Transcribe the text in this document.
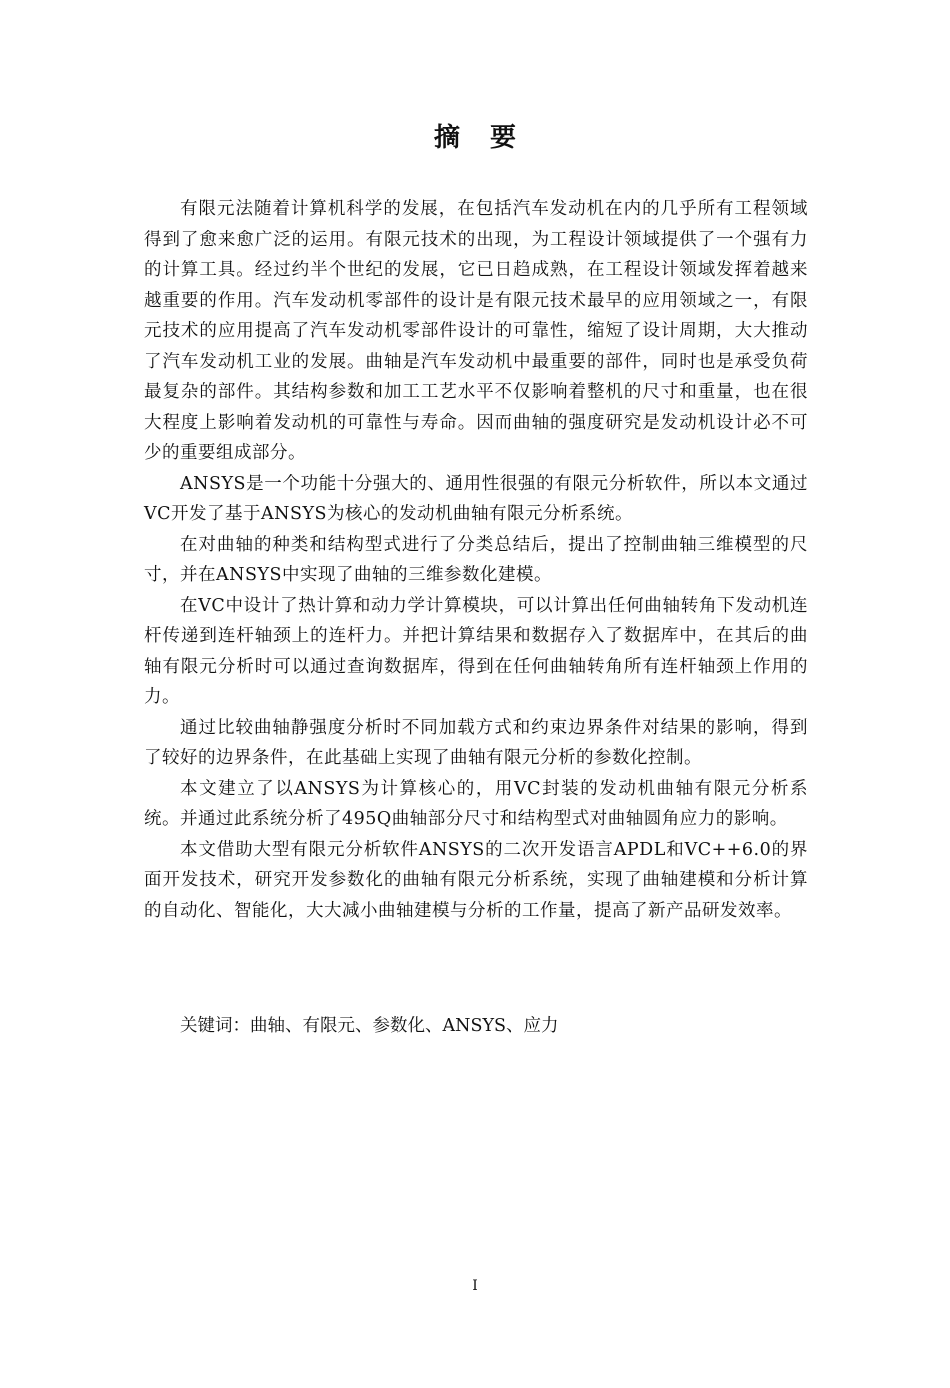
摘要

有限元法随着计算机科学的发展，在包括汽车发动机在内的几乎所有工程领域得到了愈来愈广泛的运用。有限元技术的出现，为工程设计领域提供了一个强有力的计算工具。经过约半个世纪的发展，它已日趋成熟，在工程设计领域发挥着越来越重要的作用。汽车发动机零部件的设计是有限元技术最早的应用领域之一，有限元技术的应用提高了汽车发动机零部件设计的可靠性，缩短了设计周期，大大推动了汽车发动机工业的发展。曲轴是汽车发动机中最重要的部件，同时也是承受负荷最复杂的部件。其结构参数和加工工艺水平不仅影响着整机的尺寸和重量，也在很大程度上影响着发动机的可靠性与寿命。因而曲轴的强度研究是发动机设计必不可少的重要组成部分。

ANSYS是一个功能十分强大的、通用性很强的有限元分析软件，所以本文通过VC开发了基于ANSYS为核心的发动机曲轴有限元分析系统。

在对曲轴的种类和结构型式进行了分类总结后，提出了控制曲轴三维模型的尺寸，并在ANSYS中实现了曲轴的三维参数化建模。

在VC中设计了热计算和动力学计算模块，可以计算出任何曲轴转角下发动机连杆传递到连杆轴颈上的连杆力。并把计算结果和数据存入了数据库中，在其后的曲轴有限元分析时可以通过查询数据库，得到在任何曲轴转角所有连杆轴颈上作用的力。

通过比较曲轴静强度分析时不同加载方式和约束边界条件对结果的影响，得到了较好的边界条件，在此基础上实现了曲轴有限元分析的参数化控制。

本文建立了以ANSYS为计算核心的，用VC封装的发动机曲轴有限元分析系统。并通过此系统分析了495Q曲轴部分尺寸和结构型式对曲轴圆角应力的影响。

本文借助大型有限元分析软件ANSYS的二次开发语言APDL和VC++6.0的界面开发技术，研究开发参数化的曲轴有限元分析系统，实现了曲轴建模和分析计算的自动化、智能化，大大减小曲轴建模与分析的工作量，提高了新产品研发效率。

关键词：曲轴、有限元、参数化、ANSYS、应力
I
